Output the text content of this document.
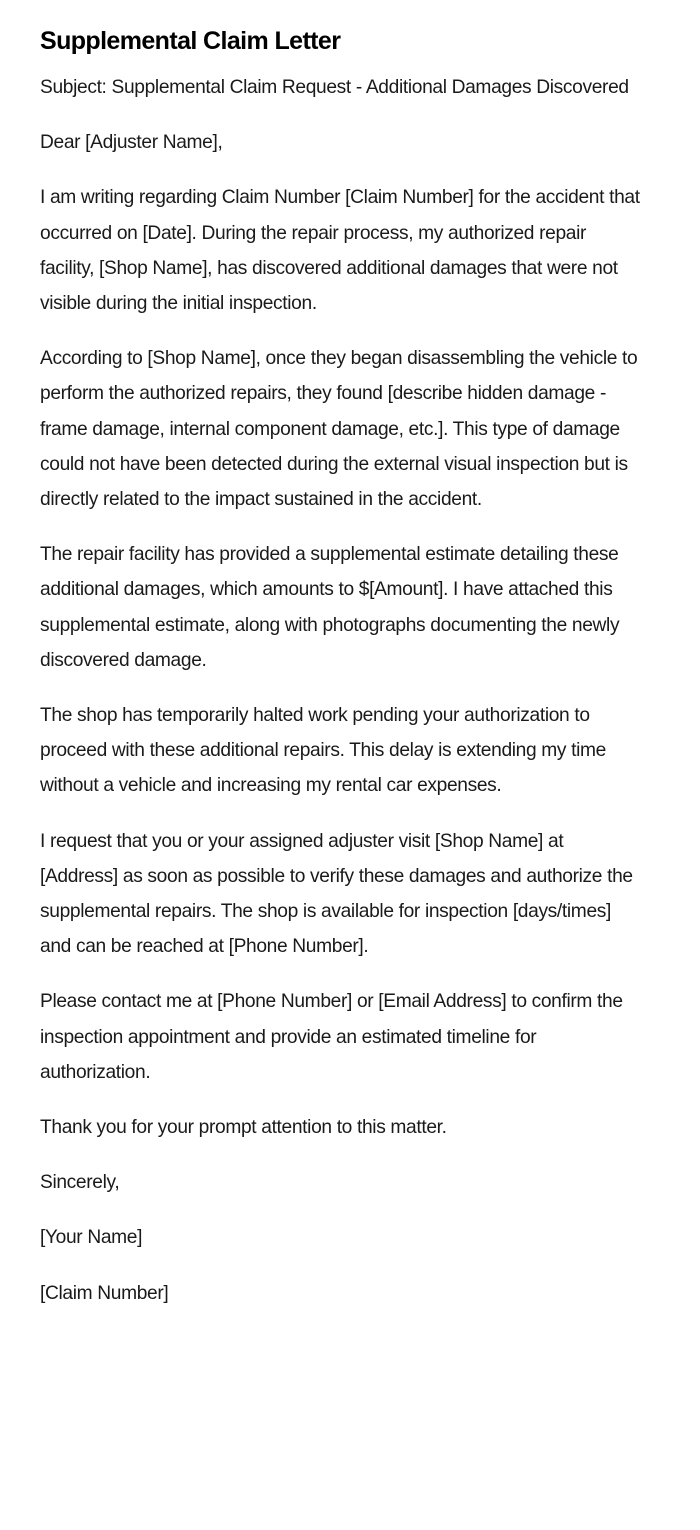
Supplemental Claim Letter

Subject: Supplemental Claim Request - Additional Damages Discovered

Dear [Adjuster Name],

I am writing regarding Claim Number [Claim Number] for the accident that occurred on [Date]. During the repair process, my authorized repair facility, [Shop Name], has discovered additional damages that were not visible during the initial inspection.

According to [Shop Name], once they began disassembling the vehicle to perform the authorized repairs, they found [describe hidden damage - frame damage, internal component damage, etc.]. This type of damage could not have been detected during the external visual inspection but is directly related to the impact sustained in the accident.

The repair facility has provided a supplemental estimate detailing these additional damages, which amounts to $[Amount]. I have attached this supplemental estimate, along with photographs documenting the newly discovered damage.

The shop has temporarily halted work pending your authorization to proceed with these additional repairs. This delay is extending my time without a vehicle and increasing my rental car expenses.

I request that you or your assigned adjuster visit [Shop Name] at [Address] as soon as possible to verify these damages and authorize the supplemental repairs. The shop is available for inspection [days/times] and can be reached at [Phone Number].

Please contact me at [Phone Number] or [Email Address] to confirm the inspection appointment and provide an estimated timeline for authorization.

Thank you for your prompt attention to this matter.

Sincerely,

[Your Name]

[Claim Number]
